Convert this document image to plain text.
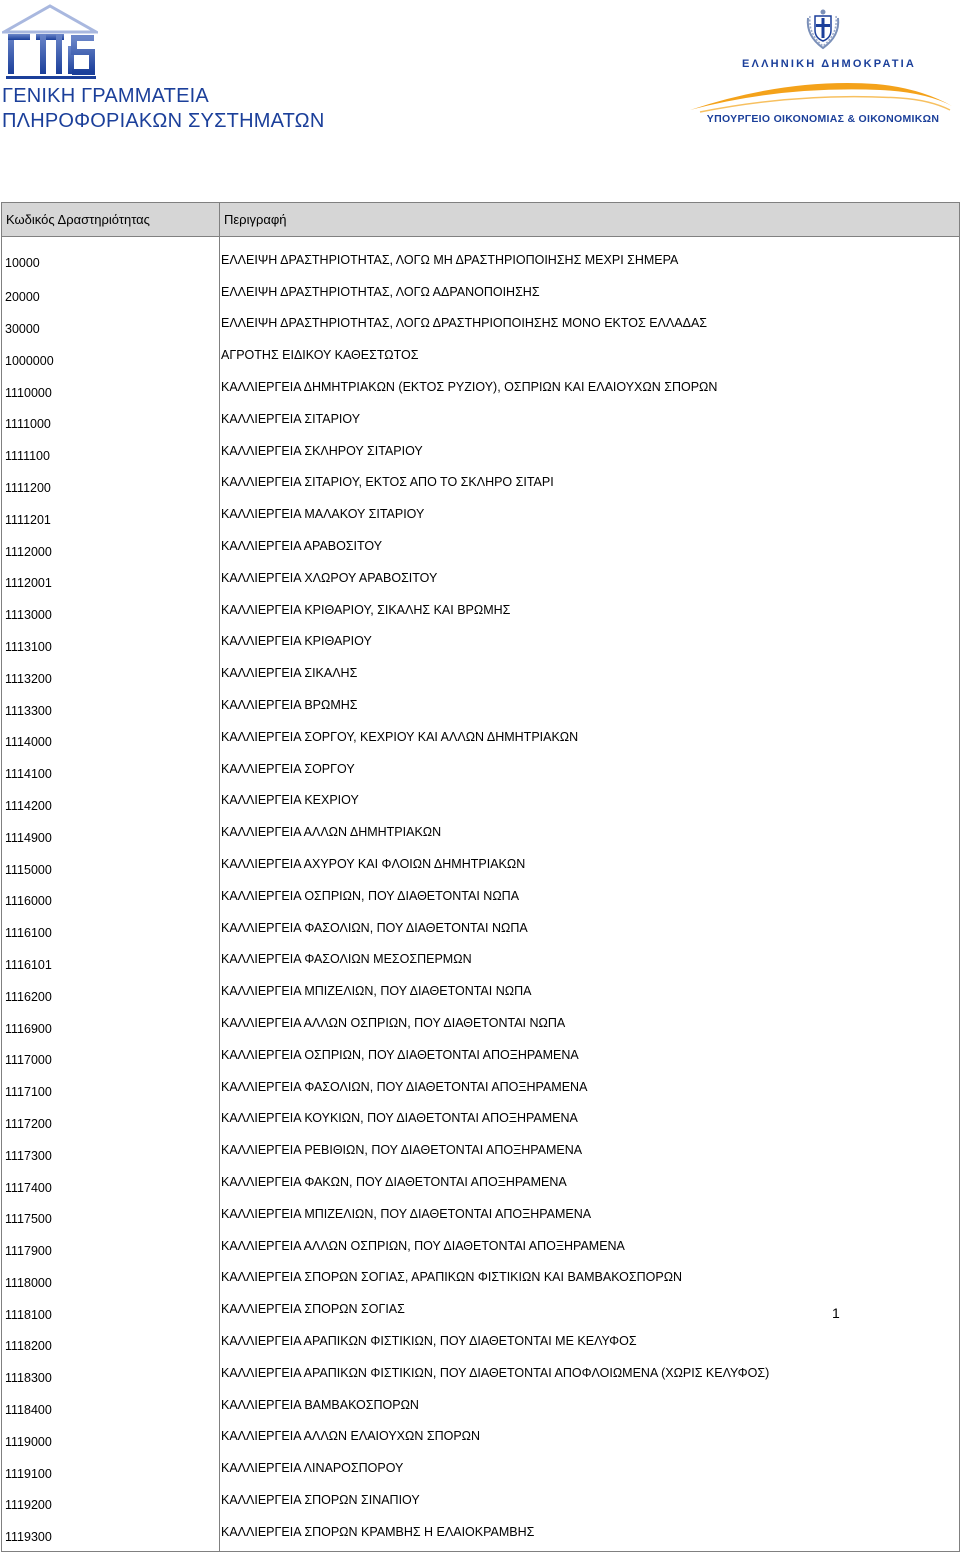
ΓΕΝΙΚΗ ΓΡΑΜΜΑΤΕΙΑ
ΠΛΗΡΟΦΟΡΙΑΚΩΝ ΣΥΣΤΗΜΑΤΩΝ
ΕΛΛΗΝΙΚΗ ΔΗΜΟΚΡΑΤΙΑ
ΥΠΟΥΡΓΕΙΟ ΟΙΚΟΝΟΜΙΑΣ & ΟΙΚΟΝΟΜΙΚΩΝ
Κωδικός Δραστηριότητας	Περιγραφή
10000	ΕΛΛΕΙΨΗ ΔΡΑΣΤΗΡΙΟΤΗΤΑΣ, ΛΟΓΩ ΜΗ ΔΡΑΣΤΗΡΙΟΠΟΙΗΣΗΣ ΜΕΧΡΙ ΣΗΜΕΡΑ
20000	ΕΛΛΕΙΨΗ ΔΡΑΣΤΗΡΙΟΤΗΤΑΣ, ΛΟΓΩ ΑΔΡΑΝΟΠΟΙΗΣΗΣ
30000	ΕΛΛΕΙΨΗ ΔΡΑΣΤΗΡΙΟΤΗΤΑΣ, ΛΟΓΩ ΔΡΑΣΤΗΡΙΟΠΟΙΗΣΗΣ ΜΟΝΟ ΕΚΤΟΣ ΕΛΛΑΔΑΣ
1000000	ΑΓΡΟΤΗΣ ΕΙΔΙΚΟΥ ΚΑΘΕΣΤΩΤΟΣ
1110000	ΚΑΛΛΙΕΡΓΕΙΑ ΔΗΜΗΤΡΙΑΚΩΝ (ΕΚΤΟΣ ΡΥΖΙΟΥ), ΟΣΠΡΙΩΝ ΚΑΙ ΕΛΑΙΟΥΧΩΝ ΣΠΟΡΩΝ
1111000	ΚΑΛΛΙΕΡΓΕΙΑ ΣΙΤΑΡΙΟΥ
1111100	ΚΑΛΛΙΕΡΓΕΙΑ ΣΚΛΗΡΟΥ ΣΙΤΑΡΙΟΥ
1111200	ΚΑΛΛΙΕΡΓΕΙΑ ΣΙΤΑΡΙΟΥ, ΕΚΤΟΣ ΑΠΟ ΤΟ ΣΚΛΗΡΟ ΣΙΤΑΡΙ
1111201	ΚΑΛΛΙΕΡΓΕΙΑ ΜΑΛΑΚΟΥ ΣΙΤΑΡΙΟΥ
1112000	ΚΑΛΛΙΕΡΓΕΙΑ ΑΡΑΒΟΣΙΤΟΥ
1112001	ΚΑΛΛΙΕΡΓΕΙΑ ΧΛΩΡΟΥ ΑΡΑΒΟΣΙΤΟΥ
1113000	ΚΑΛΛΙΕΡΓΕΙΑ ΚΡΙΘΑΡΙΟΥ, ΣΙΚΑΛΗΣ ΚΑΙ ΒΡΩΜΗΣ
1113100	ΚΑΛΛΙΕΡΓΕΙΑ ΚΡΙΘΑΡΙΟΥ
1113200	ΚΑΛΛΙΕΡΓΕΙΑ ΣΙΚΑΛΗΣ
1113300	ΚΑΛΛΙΕΡΓΕΙΑ ΒΡΩΜΗΣ
1114000	ΚΑΛΛΙΕΡΓΕΙΑ ΣΟΡΓΟΥ, ΚΕΧΡΙΟΥ ΚΑΙ ΑΛΛΩΝ ΔΗΜΗΤΡΙΑΚΩΝ
1114100	ΚΑΛΛΙΕΡΓΕΙΑ ΣΟΡΓΟΥ
1114200	ΚΑΛΛΙΕΡΓΕΙΑ ΚΕΧΡΙΟΥ
1114900	ΚΑΛΛΙΕΡΓΕΙΑ ΑΛΛΩΝ ΔΗΜΗΤΡΙΑΚΩΝ
1115000	ΚΑΛΛΙΕΡΓΕΙΑ ΑΧΥΡΟΥ ΚΑΙ ΦΛΟΙΩΝ ΔΗΜΗΤΡΙΑΚΩΝ
1116000	ΚΑΛΛΙΕΡΓΕΙΑ ΟΣΠΡΙΩΝ, ΠΟΥ ΔΙΑΘΕΤΟΝΤΑΙ ΝΩΠΑ
1116100	ΚΑΛΛΙΕΡΓΕΙΑ ΦΑΣΟΛΙΩΝ, ΠΟΥ ΔΙΑΘΕΤΟΝΤΑΙ ΝΩΠΑ
1116101	ΚΑΛΛΙΕΡΓΕΙΑ ΦΑΣΟΛΙΩΝ ΜΕΣΟΣΠΕΡΜΩΝ
1116200	ΚΑΛΛΙΕΡΓΕΙΑ ΜΠΙΖΕΛΙΩΝ, ΠΟΥ ΔΙΑΘΕΤΟΝΤΑΙ ΝΩΠΑ
1116900	ΚΑΛΛΙΕΡΓΕΙΑ ΑΛΛΩΝ ΟΣΠΡΙΩΝ, ΠΟΥ ΔΙΑΘΕΤΟΝΤΑΙ ΝΩΠΑ
1117000	ΚΑΛΛΙΕΡΓΕΙΑ ΟΣΠΡΙΩΝ, ΠΟΥ ΔΙΑΘΕΤΟΝΤΑΙ ΑΠΟΞΗΡΑΜΕΝΑ
1117100	ΚΑΛΛΙΕΡΓΕΙΑ ΦΑΣΟΛΙΩΝ, ΠΟΥ ΔΙΑΘΕΤΟΝΤΑΙ ΑΠΟΞΗΡΑΜΕΝΑ
1117200	ΚΑΛΛΙΕΡΓΕΙΑ ΚΟΥΚΙΩΝ, ΠΟΥ ΔΙΑΘΕΤΟΝΤΑΙ ΑΠΟΞΗΡΑΜΕΝΑ
1117300	ΚΑΛΛΙΕΡΓΕΙΑ ΡΕΒΙΘΙΩΝ, ΠΟΥ ΔΙΑΘΕΤΟΝΤΑΙ ΑΠΟΞΗΡΑΜΕΝΑ
1117400	ΚΑΛΛΙΕΡΓΕΙΑ ΦΑΚΩΝ, ΠΟΥ ΔΙΑΘΕΤΟΝΤΑΙ ΑΠΟΞΗΡΑΜΕΝΑ
1117500	ΚΑΛΛΙΕΡΓΕΙΑ ΜΠΙΖΕΛΙΩΝ, ΠΟΥ ΔΙΑΘΕΤΟΝΤΑΙ ΑΠΟΞΗΡΑΜΕΝΑ
1117900	ΚΑΛΛΙΕΡΓΕΙΑ ΑΛΛΩΝ ΟΣΠΡΙΩΝ, ΠΟΥ ΔΙΑΘΕΤΟΝΤΑΙ ΑΠΟΞΗΡΑΜΕΝΑ
1118000	ΚΑΛΛΙΕΡΓΕΙΑ ΣΠΟΡΩΝ ΣΟΓΙΑΣ, ΑΡΑΠΙΚΩΝ ΦΙΣΤΙΚΙΩΝ ΚΑΙ ΒΑΜΒΑΚΟΣΠΟΡΩΝ
1118100	ΚΑΛΛΙΕΡΓΕΙΑ ΣΠΟΡΩΝ ΣΟΓΙΑΣ
1118200	ΚΑΛΛΙΕΡΓΕΙΑ ΑΡΑΠΙΚΩΝ ΦΙΣΤΙΚΙΩΝ, ΠΟΥ ΔΙΑΘΕΤΟΝΤΑΙ ΜΕ ΚΕΛΥΦΟΣ
1118300	ΚΑΛΛΙΕΡΓΕΙΑ ΑΡΑΠΙΚΩΝ ΦΙΣΤΙΚΙΩΝ, ΠΟΥ ΔΙΑΘΕΤΟΝΤΑΙ ΑΠΟΦΛΟΙΩΜΕΝΑ (ΧΩΡΙΣ ΚΕΛΥΦΟΣ)
1118400	ΚΑΛΛΙΕΡΓΕΙΑ ΒΑΜΒΑΚΟΣΠΟΡΩΝ
1119000	ΚΑΛΛΙΕΡΓΕΙΑ ΑΛΛΩΝ ΕΛΑΙΟΥΧΩΝ ΣΠΟΡΩΝ
1119100	ΚΑΛΛΙΕΡΓΕΙΑ ΛΙΝΑΡΟΣΠΟΡΟΥ
1119200	ΚΑΛΛΙΕΡΓΕΙΑ ΣΠΟΡΩΝ ΣΙΝΑΠΙΟΥ
1119300	ΚΑΛΛΙΕΡΓΕΙΑ ΣΠΟΡΩΝ ΚΡΑΜΒΗΣ Η ΕΛΑΙΟΚΡΑΜΒΗΣ
1
